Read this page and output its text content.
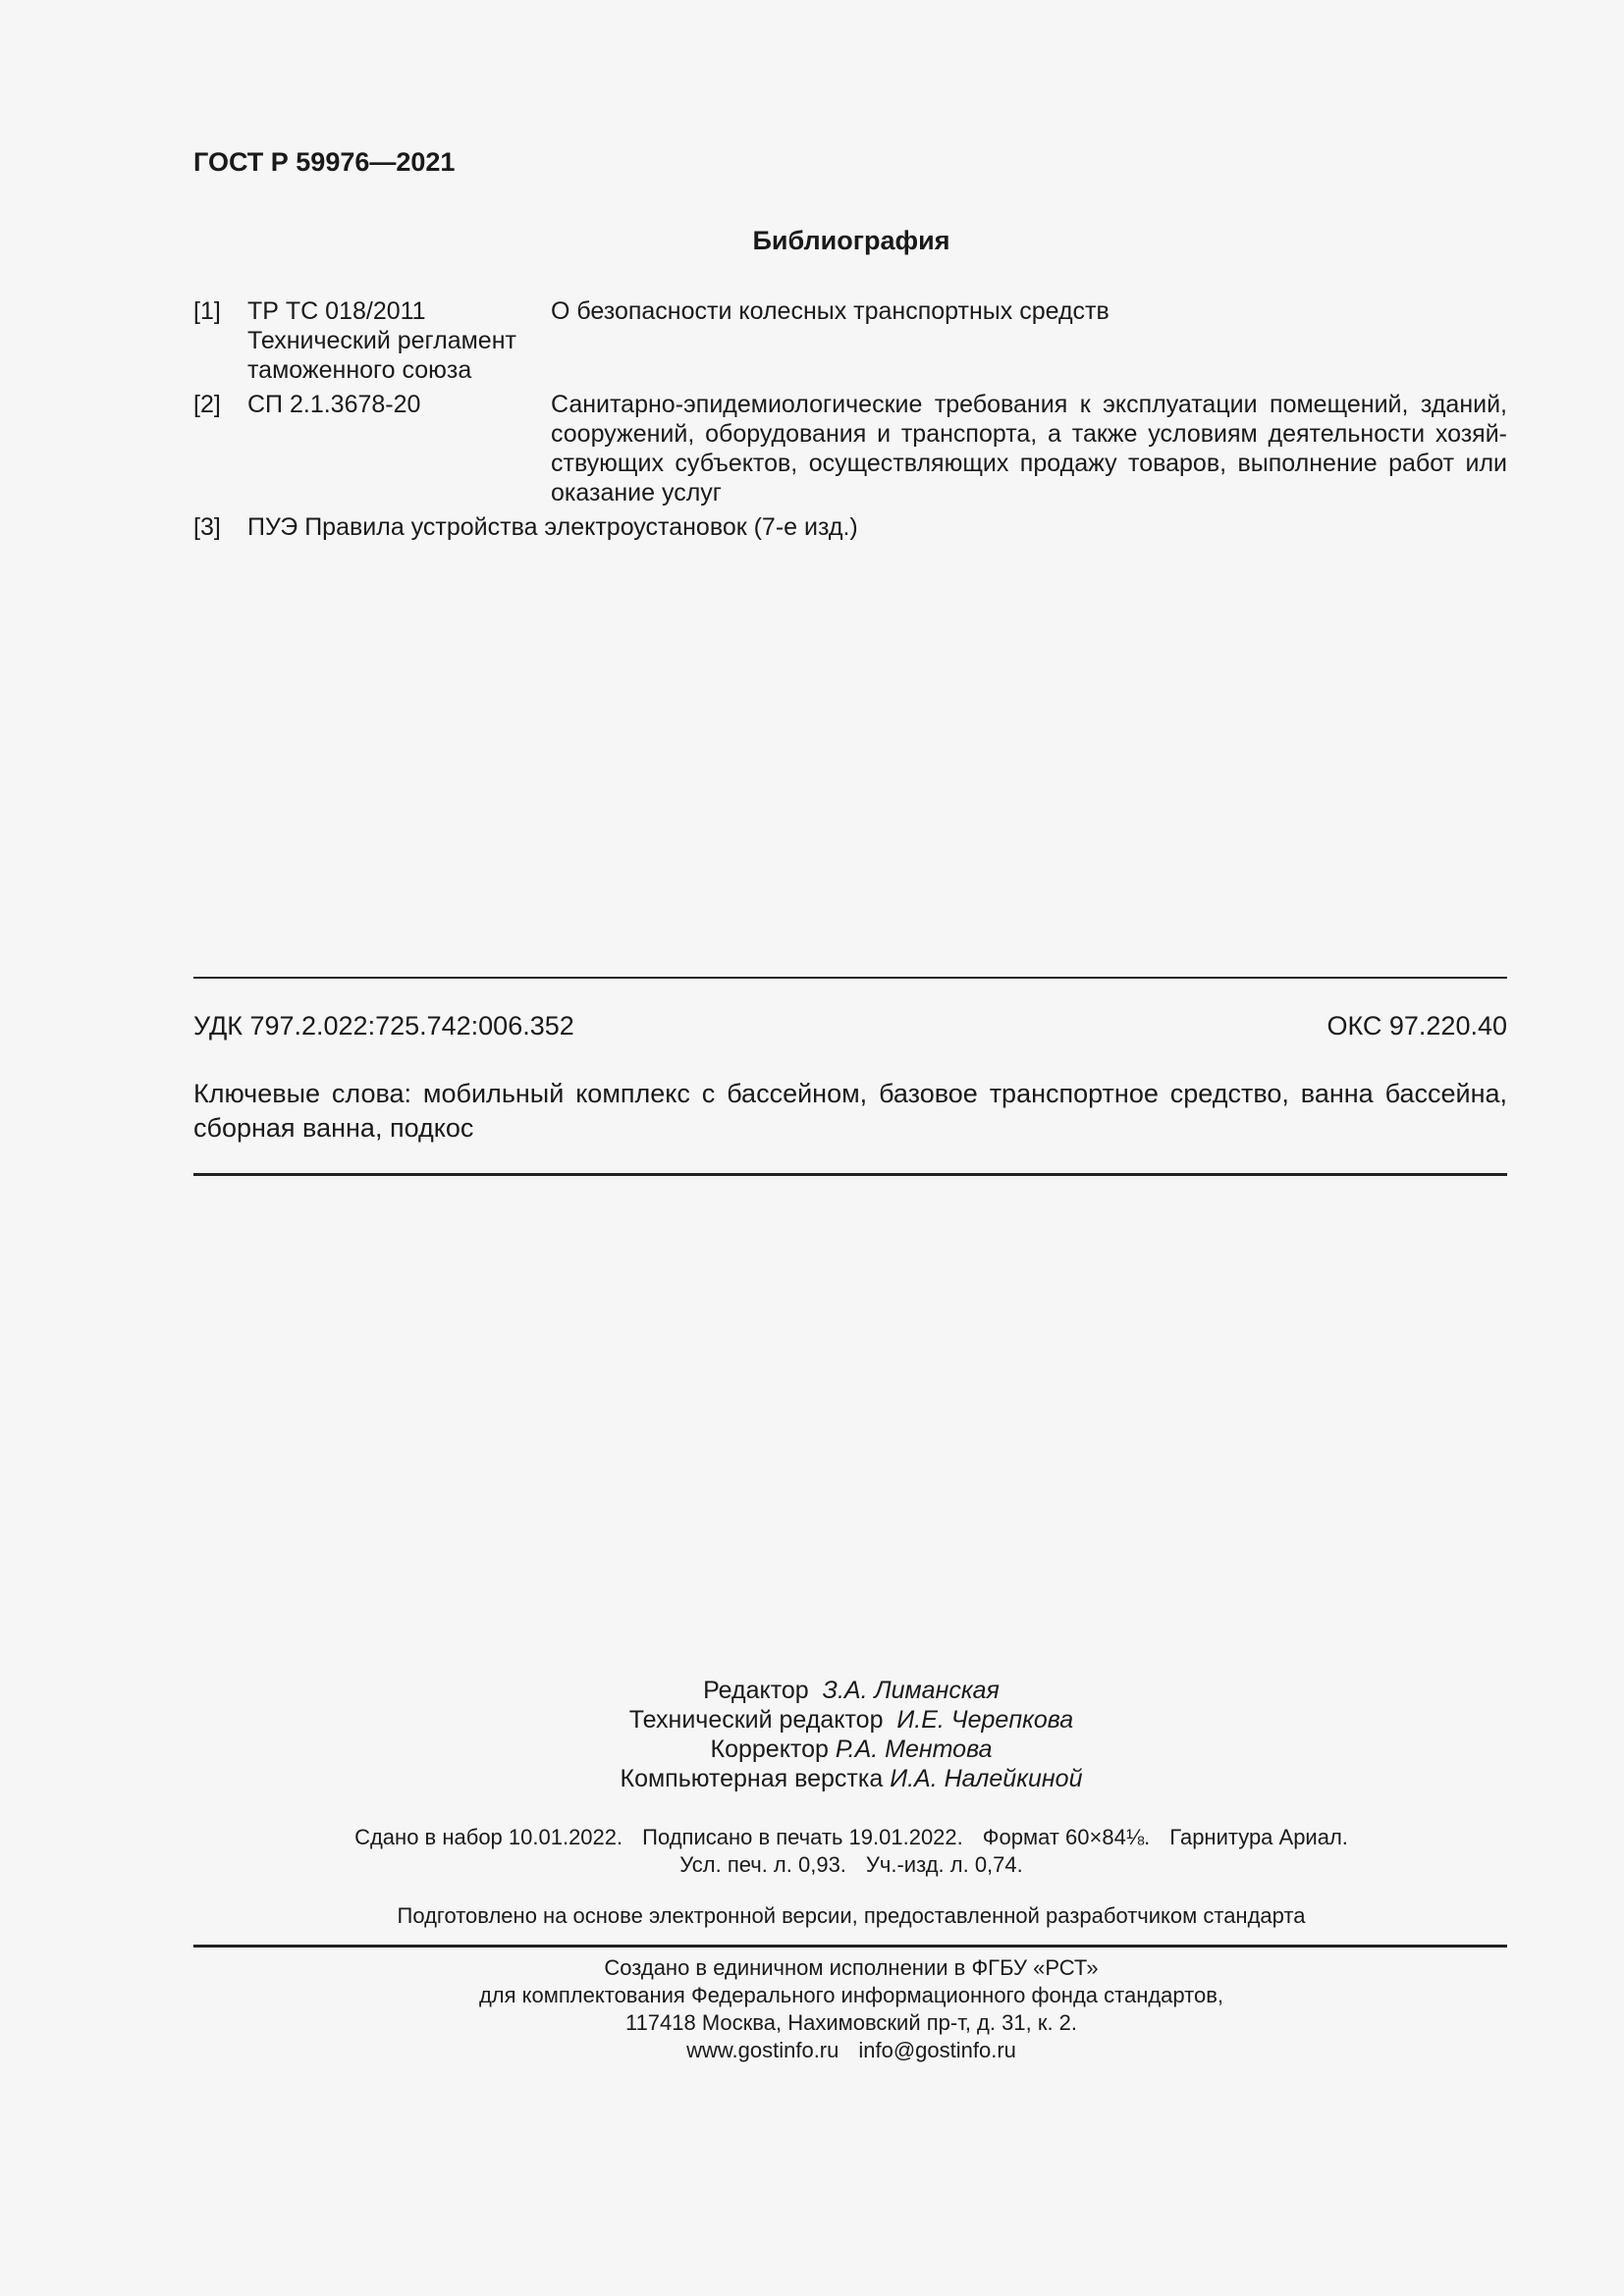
ГОСТ Р 59976—2021
Библиография
[1] ТР ТС 018/2011
Технический регламент
таможенного союза
О безопасности колесных транспортных средств
[2] СП 2.1.3678-20	Санитарно-эпидемиологические требования к эксплуатации помещений, зданий, сооружений, оборудования и транспорта, а также условиям деятельности хозяйствующих субъектов, осуществляющих продажу товаров, выполнение работ или оказание услуг
[3] ПУЭ Правила устройства электроустановок (7-е изд.)
УДК 797.2.022:725.742:006.352	ОКС 97.220.40
Ключевые слова: мобильный комплекс с бассейном, базовое транспортное средство, ванна бассейна, сборная ванна, подкос
Редактор З.А. Лиманская
Технический редактор И.Е. Черепкова
Корректор Р.А. Ментова
Компьютерная верстка И.А. Налейкиной
Сдано в набор 10.01.2022. Подписано в печать 19.01.2022. Формат 60×84⅛. Гарнитура Ариал.
Усл. печ. л. 0,93. Уч.-изд. л. 0,74.
Подготовлено на основе электронной версии, предоставленной разработчиком стандарта
Создано в единичном исполнении в ФГБУ «РСТ»
для комплектования Федерального информационного фонда стандартов,
117418 Москва, Нахимовский пр-т, д. 31, к. 2.
www.gostinfo.ru info@gostinfo.ru
